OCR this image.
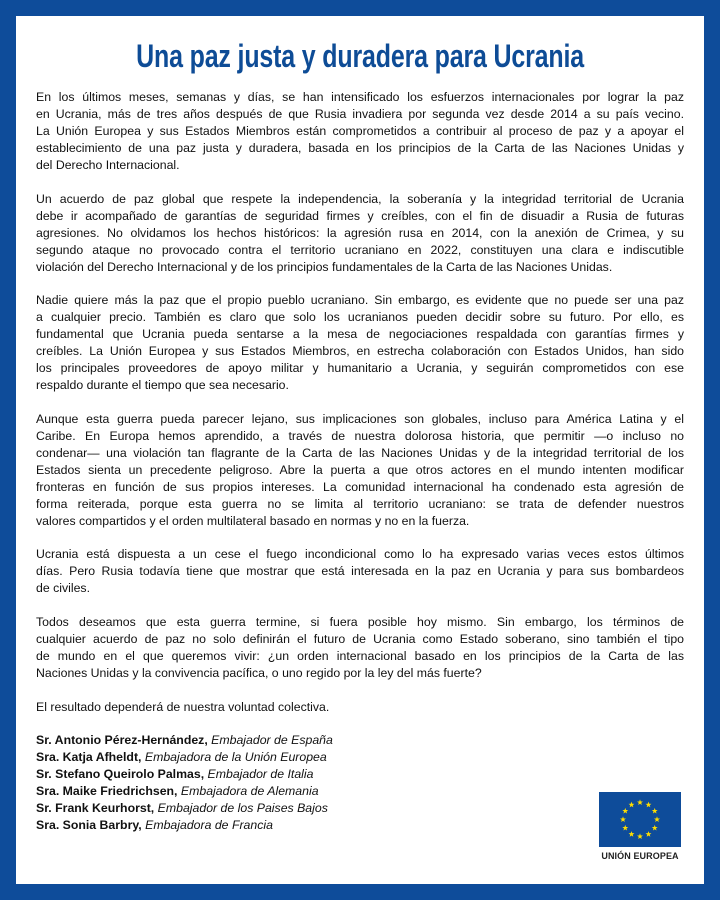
Una paz justa y duradera para Ucrania
En los últimos meses, semanas y días, se han intensificado los esfuerzos internacionales por lograr la paz
en Ucrania, más de tres años después de que Rusia invadiera por segunda vez desde 2014 a su país vecino.
La Unión Europea y sus Estados Miembros están comprometidos a contribuir al proceso de paz y a apoyar el
establecimiento de una paz justa y duradera, basada en los principios de la Carta de las Naciones Unidas y
del Derecho Internacional.
Un acuerdo de paz global que respete la independencia, la soberanía y la integridad territorial de Ucrania
debe ir acompañado de garantías de seguridad firmes y creíbles, con el fin de disuadir a Rusia de futuras
agresiones. No olvidamos los hechos históricos: la agresión rusa en 2014, con la anexión de Crimea, y su
segundo ataque no provocado contra el territorio ucraniano en 2022, constituyen una clara e indiscutible
violación del Derecho Internacional y de los principios fundamentales de la Carta de las Naciones Unidas.
Nadie quiere más la paz que el propio pueblo ucraniano. Sin embargo, es evidente que no puede ser una paz
a cualquier precio. También es claro que solo los ucranianos pueden decidir sobre su futuro. Por ello, es
fundamental que Ucrania pueda sentarse a la mesa de negociaciones respaldada con garantías firmes y
creíbles. La Unión Europea y sus Estados Miembros, en estrecha colaboración con Estados Unidos, han sido
los principales proveedores de apoyo militar y humanitario a Ucrania, y seguirán comprometidos con ese
respaldo durante el tiempo que sea necesario.
Aunque esta guerra pueda parecer lejano, sus implicaciones son globales, incluso para América Latina y el
Caribe. En Europa hemos aprendido, a través de nuestra dolorosa historia, que permitir —o incluso no
condenar— una violación tan flagrante de la Carta de las Naciones Unidas y de la integridad territorial de los
Estados sienta un precedente peligroso. Abre la puerta a que otros actores en el mundo intenten modificar
fronteras en función de sus propios intereses. La comunidad internacional ha condenado esta agresión de
forma reiterada, porque esta guerra no se limita al territorio ucraniano: se trata de defender nuestros
valores compartidos y el orden multilateral basado en normas y no en la fuerza.
Ucrania está dispuesta a un cese el fuego incondicional como lo ha expresado varias veces estos últimos
días. Pero Rusia todavía tiene que mostrar que está interesada en la paz en Ucrania y para sus bombardeos
de civiles.
Todos deseamos que esta guerra termine, si fuera posible hoy mismo. Sin embargo, los términos de
cualquier acuerdo de paz no solo definirán el futuro de Ucrania como Estado soberano, sino también el tipo
de mundo en el que queremos vivir: ¿un orden internacional basado en los principios de la Carta de las
Naciones Unidas y la convivencia pacífica, o uno regido por la ley del más fuerte?
El resultado dependerá de nuestra voluntad colectiva.
Sr. Antonio Pérez-Hernández, Embajador de España
Sra. Katja Afheldt, Embajadora de la Unión Europea
Sr. Stefano Queirolo Palmas, Embajador de Italia
Sra. Maike Friedrichsen, Embajadora de Alemania
Sr. Frank Keurhorst, Embajador de los Paises Bajos
Sra. Sonia Barbry, Embajadora de Francia
UNIÓN EUROPEA
